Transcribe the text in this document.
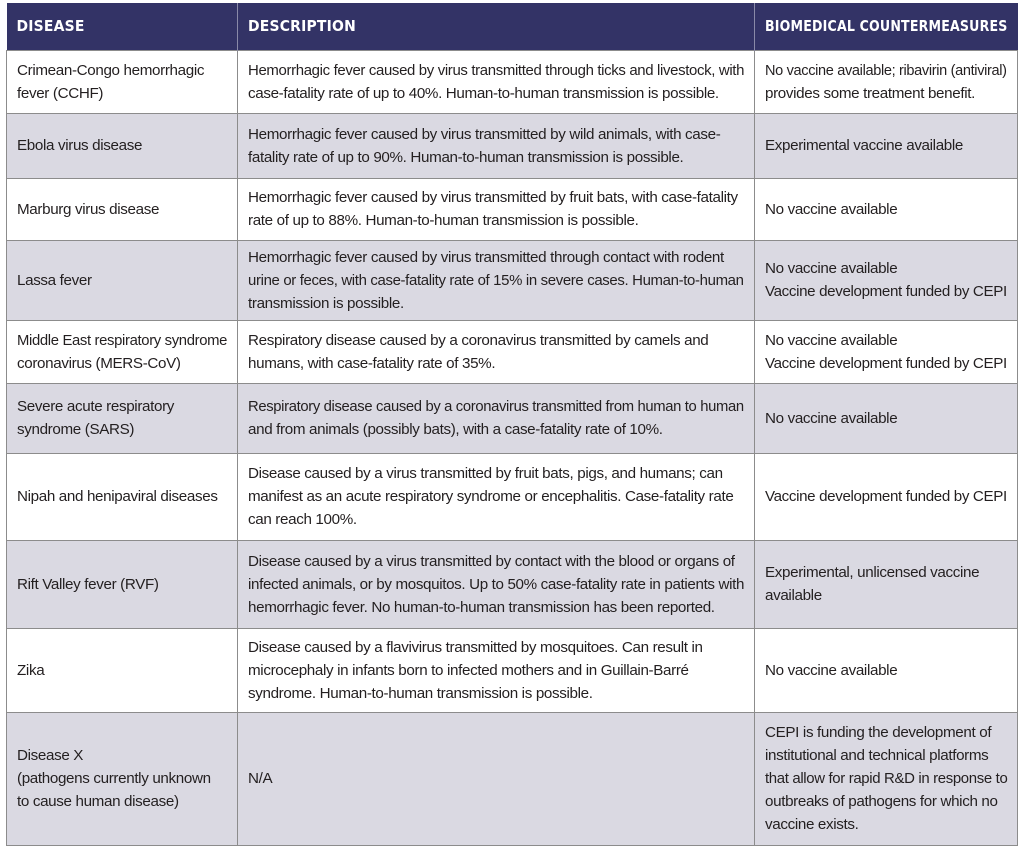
DISEASE	DESCRIPTION	BIOMEDICAL COUNTERMEASURES

Crimean-Congo hemorrhagic
fever (CCHF)	Hemorrhagic fever caused by virus transmitted through ticks and livestock, with
case-fatality rate of up to 40%. Human-to-human transmission is possible.	No vaccine available; ribavirin (antiviral)
provides some treatment benefit.

Ebola virus disease	Hemorrhagic fever caused by virus transmitted by wild animals, with case-
fatality rate of up to 90%. Human-to-human transmission is possible.	Experimental vaccine available

Marburg virus disease	Hemorrhagic fever caused by virus transmitted by fruit bats, with case-fatality
rate of up to 88%. Human-to-human transmission is possible.	No vaccine available

Lassa fever	Hemorrhagic fever caused by virus transmitted through contact with rodent
urine or feces, with case-fatality rate of 15% in severe cases. Human-to-human
transmission is possible.	No vaccine available
Vaccine development funded by CEPI

Middle East respiratory syndrome
coronavirus (MERS-CoV)	Respiratory disease caused by a coronavirus transmitted by camels and
humans, with case-fatality rate of 35%.	No vaccine available
Vaccine development funded by CEPI

Severe acute respiratory
syndrome (SARS)	Respiratory disease caused by a coronavirus transmitted from human to human
and from animals (possibly bats), with a case-fatality rate of 10%.	No vaccine available

Nipah and henipaviral diseases	Disease caused by a virus transmitted by fruit bats, pigs, and humans; can
manifest as an acute respiratory syndrome or encephalitis. Case-fatality rate
can reach 100%.	Vaccine development funded by CEPI

Rift Valley fever (RVF)	Disease caused by a virus transmitted by contact with the blood or organs of
infected animals, or by mosquitos. Up to 50% case-fatality rate in patients with
hemorrhagic fever. No human-to-human transmission has been reported.	Experimental, unlicensed vaccine
available

Zika	Disease caused by a flavivirus transmitted by mosquitoes. Can result in
microcephaly in infants born to infected mothers and in Guillain-Barré
syndrome. Human-to-human transmission is possible.	No vaccine available

Disease X
(pathogens currently unknown
to cause human disease)	N/A	CEPI is funding the development of
institutional and technical platforms
that allow for rapid R&D in response to
outbreaks of pathogens for which no
vaccine exists.
